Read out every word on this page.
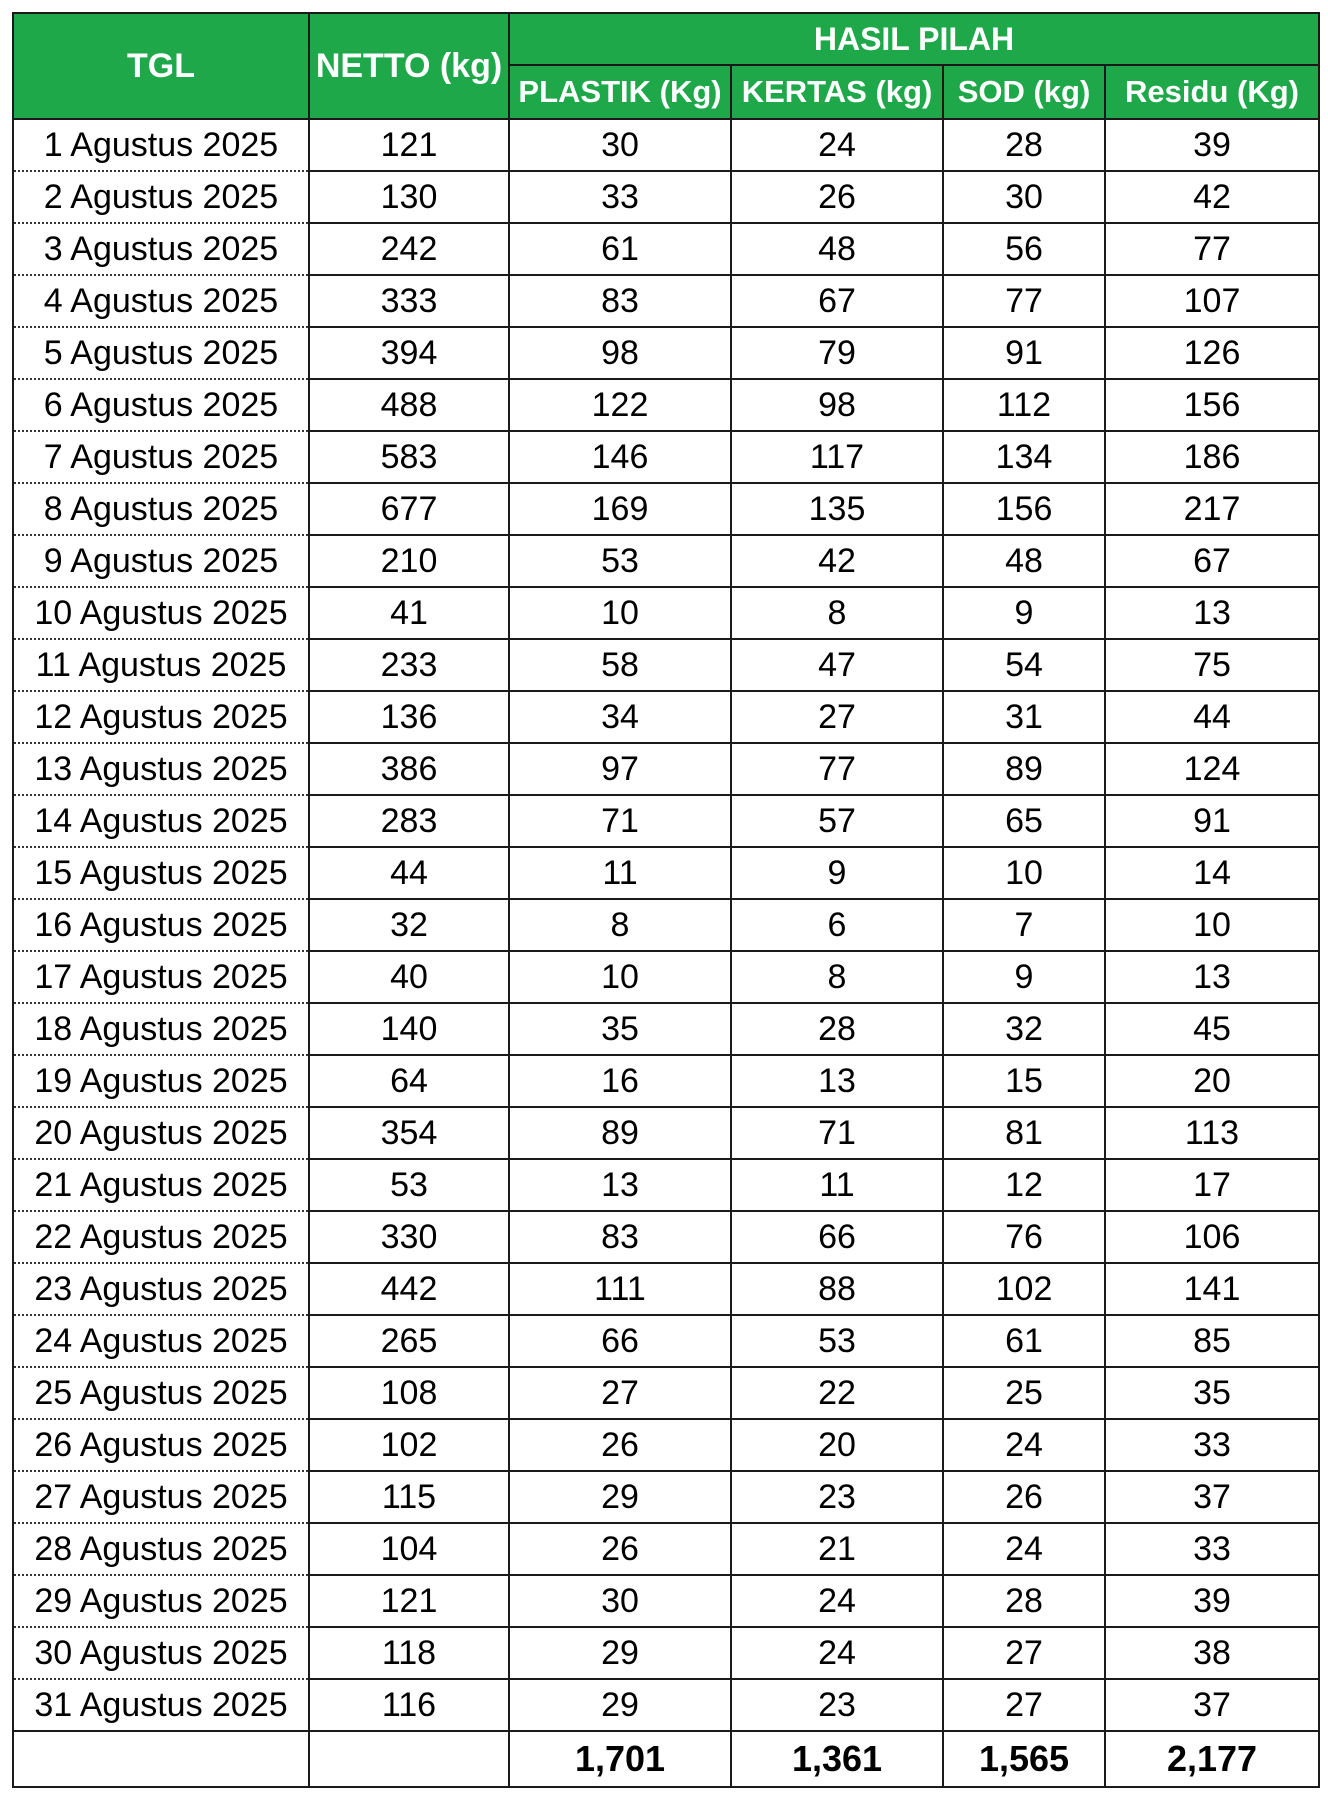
TGL	NETTO (kg)	HASIL PILAH			
		PLASTIK (Kg)	KERTAS (kg)	SOD (kg)	Residu (Kg)
1 Agustus 2025	121	30	24	28	39
2 Agustus 2025	130	33	26	30	42
3 Agustus 2025	242	61	48	56	77
4 Agustus 2025	333	83	67	77	107
5 Agustus 2025	394	98	79	91	126
6 Agustus 2025	488	122	98	112	156
7 Agustus 2025	583	146	117	134	186
8 Agustus 2025	677	169	135	156	217
9 Agustus 2025	210	53	42	48	67
10 Agustus 2025	41	10	8	9	13
11 Agustus 2025	233	58	47	54	75
12 Agustus 2025	136	34	27	31	44
13 Agustus 2025	386	97	77	89	124
14 Agustus 2025	283	71	57	65	91
15 Agustus 2025	44	11	9	10	14
16 Agustus 2025	32	8	6	7	10
17 Agustus 2025	40	10	8	9	13
18 Agustus 2025	140	35	28	32	45
19 Agustus 2025	64	16	13	15	20
20 Agustus 2025	354	89	71	81	113
21 Agustus 2025	53	13	11	12	17
22 Agustus 2025	330	83	66	76	106
23 Agustus 2025	442	111	88	102	141
24 Agustus 2025	265	66	53	61	85
25 Agustus 2025	108	27	22	25	35
26 Agustus 2025	102	26	20	24	33
27 Agustus 2025	115	29	23	26	37
28 Agustus 2025	104	26	21	24	33
29 Agustus 2025	121	30	24	28	39
30 Agustus 2025	118	29	24	27	38
31 Agustus 2025	116	29	23	27	37
		1,701	1,361	1,565	2,177
